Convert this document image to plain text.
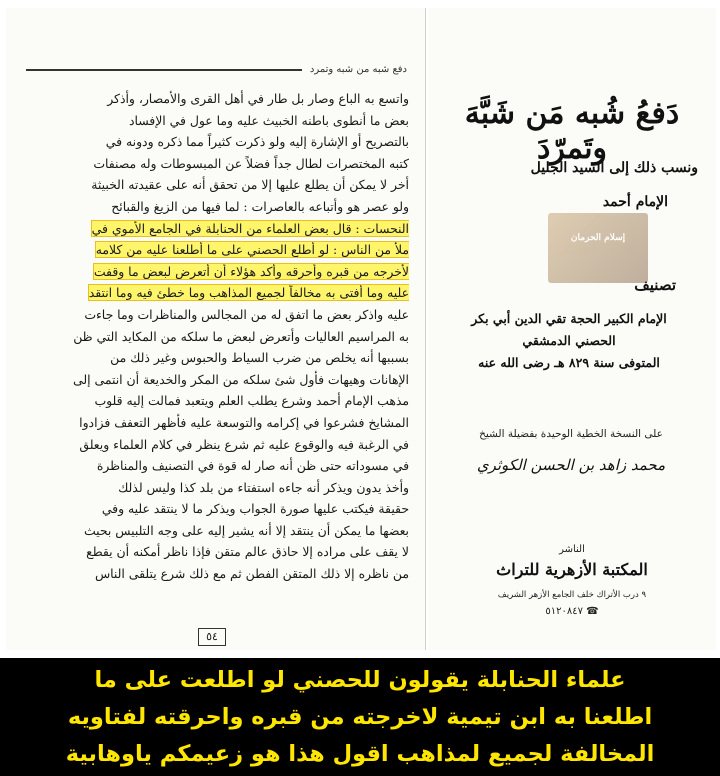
دفع شبه من شبه وتمرد
واتسع به الباع وصار بل طار في أهل القرى والأمصار، وأذكر
بعض ما أنطوى باطنه الخبيث عليه وما عول في الإفساد
بالتصريح أو الإشارة إليه ولو ذكرت كثيراً مما ذكره ودونه في
كتبه المختصرات لطال جداً فضلاً عن المبسوطات وله مصنفات
أخر لا يمكن أن يطلع عليها إلا من تحقق أنه على عقيدته الخبيثة
ولو عصر هو وأتباعه بالعاصرات : لما فيها من الزيغ والقبائح
النحسات : قال بعض العلماء من الحنابلة في الجامع الأموي في
ملأ من الناس : لو أطلع الحصني على ما أطلعنا عليه من كلامه
لأخرجه من قبره وأحرقه وأكد هؤلاء أن أتعرض لبعض ما وقفت
عليه وما أفتى به مخالفاً لجميع المذاهب وما خطئ فيه وما انتقد
عليه واذكر بعض ما اتفق له من المجالس والمناظرات وما جاءت
به المراسيم العاليات وأتعرض لبعض ما سلكه من المكايد التي ظن
بسببها أنه يخلص من ضرب السياط والحبوس وغير ذلك من
الإهانات وهيهات فأول شئ سلكه من المكر والخديعة أن انتمى إلى
مذهب الإمام أحمد وشرع يطلب العلم ويتعبد فمالت إليه قلوب
المشايخ فشرعوا في إكرامه والتوسعة عليه فأظهر التعفف فزادوا
في الرغبة فيه والوقوع عليه ثم شرع ينظر في كلام العلماء ويعلق
في مسوداته حتى ظن أنه صار له قوة في التصنيف والمناظرة
وأخذ يدون ويذكر أنه جاءه استفتاء من بلد كذا وليس لذلك
حقيقة فيكتب عليها صورة الجواب ويذكر ما لا ينتقد عليه وفي
بعضها ما يمكن أن ينتقد إلا أنه يشير إليه على وجه التلبيس بحيث
لا يقف على مراده إلا حاذق عالم متقن فإذا ناظر أمكنه أن يقطع
من ناظره إلا ذلك المتقن الفطن ثم مع ذلك شرع يتلقى الناس
٥٤
دَفعُ شُبه مَن شَبَّهَ وتَمرّدَ
ونسب ذلك إلى السيد الجليل
الإمام أحمد
إسلام الحرمان
تصنيف
الإمام الكبير الحجة تقي الدين أبي بكر
الحصني الدمشقي
المتوفى سنة ٨٢٩ هـ رضى الله عنه
على النسخة الخطية الوحيدة بفضيلة الشيخ
محمد زاهد بن الحسن الكوثري
الناشر
المكتبة الأزهرية للتراث
٩ درب الأتراك خلف الجامع الأزهر الشريف
☎ ٥١٢٠٨٤٧
علماء الحنابلة يقولون للحصني لو اطلعت على ما
اطلعنا به ابن تيمية لاخرجته من قبره واحرقته لفتاويه
المخالفة لجميع لمذاهب اقول هذا هو زعيمكم ياوهابية
